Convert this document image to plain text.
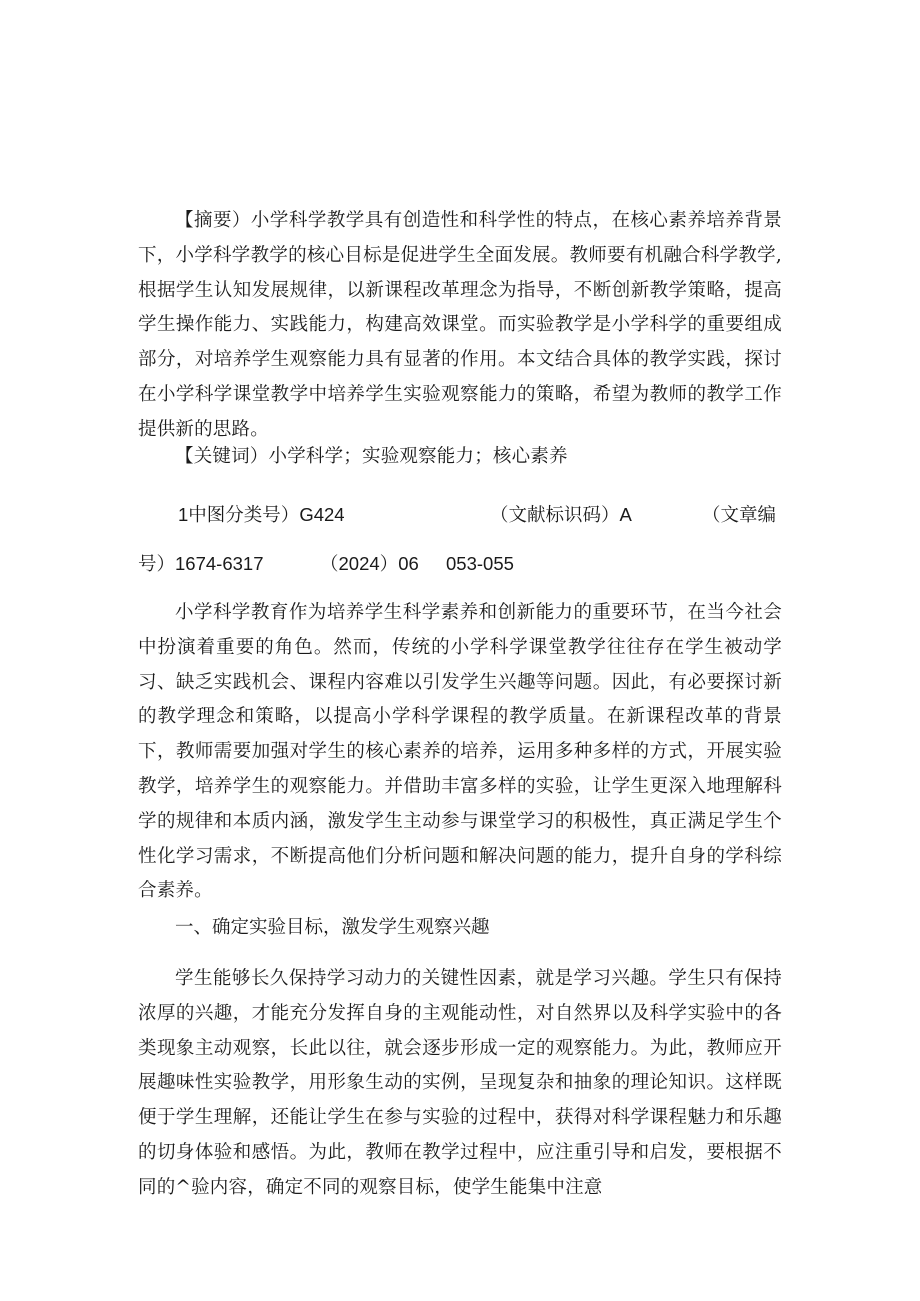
【摘要）小学科学教学具有创造性和科学性的特点，在核心素养培养背景下，小学科学教学的核心目标是促进学生全面发展。教师要有机融合科学教学,根据学生认知发展规律，以新课程改革理念为指导，不断创新教学策略，提高学生操作能力、实践能力，构建高效课堂。而实验教学是小学科学的重要组成部分，对培养学生观察能力具有显著的作用。本文结合具体的教学实践，探讨在小学科学课堂教学中培养学生实验观察能力的策略，希望为教师的教学工作提供新的思路。

【关键词）小学科学；实验观察能力；核心素养

1中图分类号）G424	（文献标识码）A	（文章编
号）1674-6317	（2024）06 053-055

小学科学教育作为培养学生科学素养和创新能力的重要环节，在当今社会中扮演着重要的角色。然而，传统的小学科学课堂教学往往存在学生被动学习、缺乏实践机会、课程内容难以引发学生兴趣等问题。因此，有必要探讨新的教学理念和策略，以提高小学科学课程的教学质量。在新课程改革的背景下，教师需要加强对学生的核心素养的培养，运用多种多样的方式，开展实验教学，培养学生的观察能力。并借助丰富多样的实验，让学生更深入地理解科学的规律和本质内涵，激发学生主动参与课堂学习的积极性，真正满足学生个性化学习需求，不断提高他们分析问题和解决问题的能力，提升自身的学科综合素养。

一、确定实验目标，激发学生观察兴趣

学生能够长久保持学习动力的关键性因素，就是学习兴趣。学生只有保持浓厚的兴趣，才能充分发挥自身的主观能动性，对自然界以及科学实验中的各类现象主动观察，长此以往，就会逐步形成一定的观察能力。为此，教师应开展趣味性实验教学，用形象生动的实例，呈现复杂和抽象的理论知识。这样既便于学生理解，还能让学生在参与实验的过程中，获得对科学课程魅力和乐趣的切身体验和感悟。为此，教师在教学过程中，应注重引导和启发，要根据不同的^验内容，确定不同的观察目标，使学生能集中注意
